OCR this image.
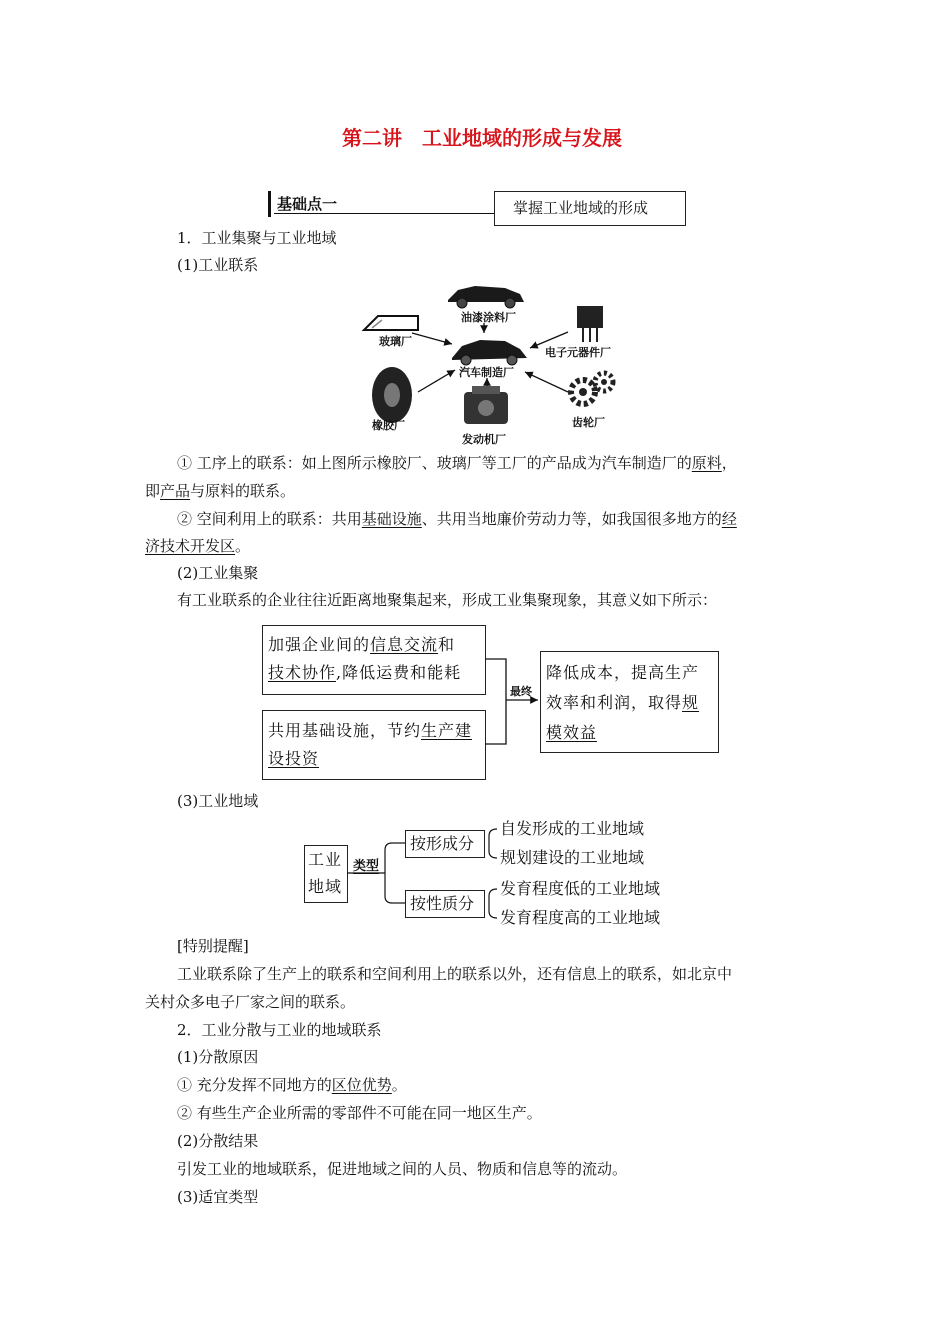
第二讲　工业地域的形成与发展
基础点一	掌握工业地域的形成
1．工业集聚与工业地域
(1)工业联系
油漆涂料厂
玻璃厂
电子元器件厂
汽车制造厂
橡胶厂	齿轮厂
发动机厂
① 工序上的联系：如上图所示橡胶厂、玻璃厂等工厂的产品成为汽车制造厂的原料，
即产品与原料的联系。
② 空间利用上的联系：共用基础设施、共用当地廉价劳动力等，如我国很多地方的经
济技术开发区。
(2)工业集聚
有工业联系的企业往往近距离地聚集起来，形成工业集聚现象，其意义如下所示：
加强企业间的信息交流和
技术协作,降低运费和能耗
共用基础设施，节约生产建
设投资
最终
降低成本，提高生产
效率和利润，取得规
模效益
(3)工业地域
工业
地域
类型
按形成分
按性质分
自发形成的工业地域
规划建设的工业地域
发育程度低的工业地域
发育程度高的工业地域
[特别提醒]
工业联系除了生产上的联系和空间利用上的联系以外，还有信息上的联系，如北京中
关村众多电子厂家之间的联系。
2．工业分散与工业的地域联系
(1)分散原因
① 充分发挥不同地方的区位优势。
② 有些生产企业所需的零部件不可能在同一地区生产。
(2)分散结果
引发工业的地域联系，促进地域之间的人员、物质和信息等的流动。
(3)适宜类型
